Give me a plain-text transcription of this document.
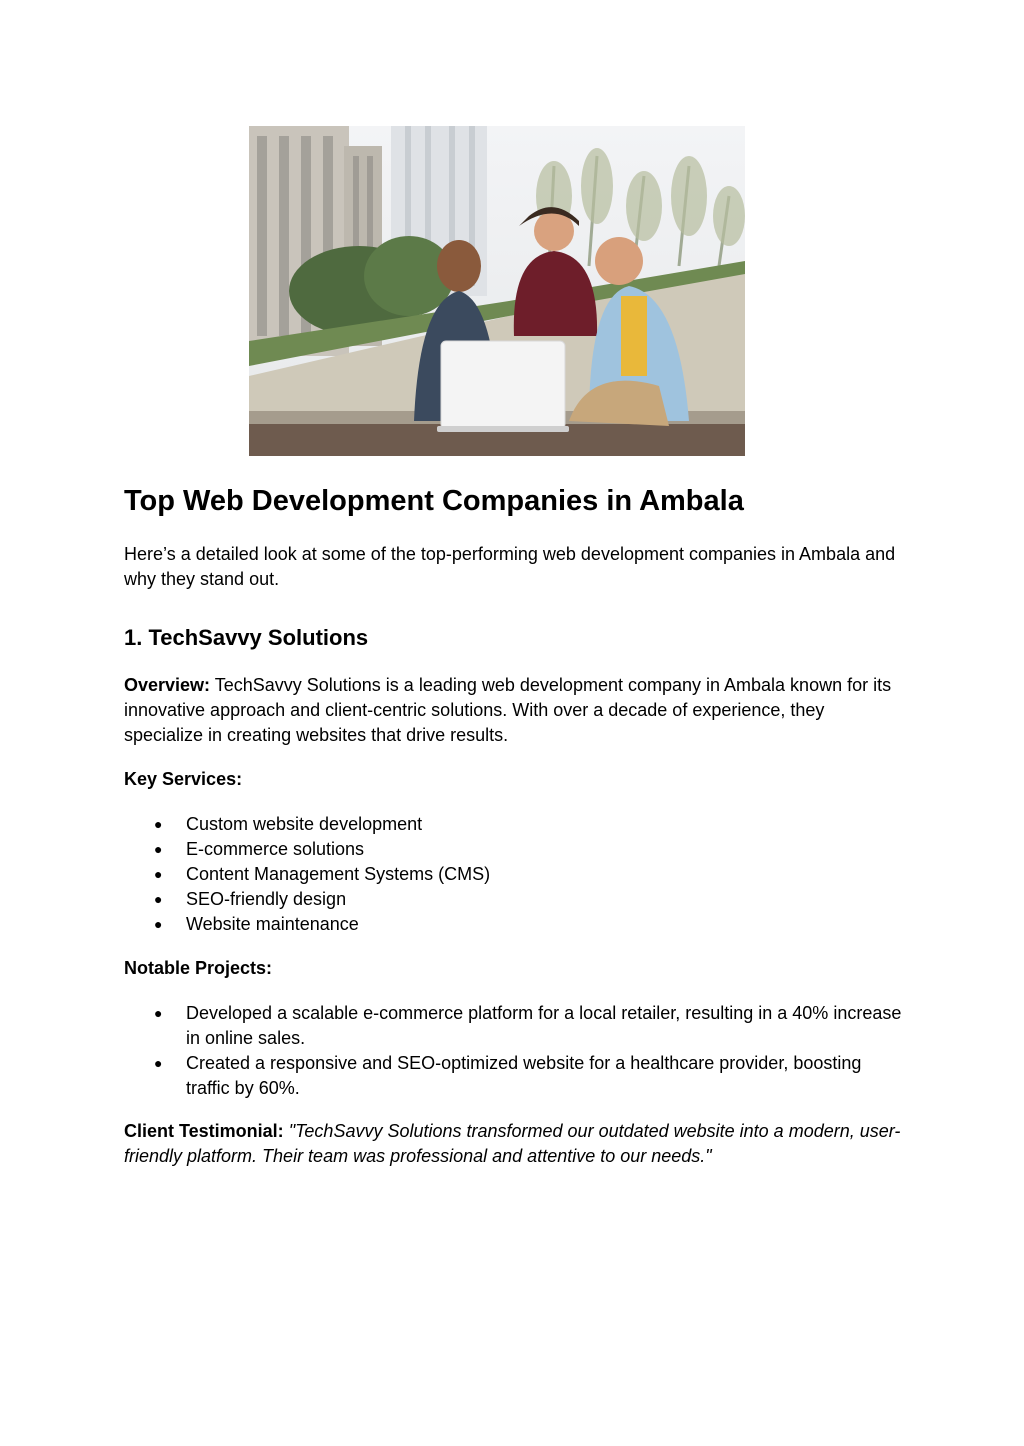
Top Web Development Companies in Ambala

Here’s a detailed look at some of the top-performing web development companies in Ambala and why they stand out.

1. TechSavvy Solutions

Overview: TechSavvy Solutions is a leading web development company in Ambala known for its innovative approach and client-centric solutions. With over a decade of experience, they specialize in creating websites that drive results.

Key Services:

● Custom website development
● E-commerce solutions
● Content Management Systems (CMS)
● SEO-friendly design
● Website maintenance

Notable Projects:

● Developed a scalable e-commerce platform for a local retailer, resulting in a 40% increase in online sales.
● Created a responsive and SEO-optimized website for a healthcare provider, boosting traffic by 60%.

Client Testimonial: "TechSavvy Solutions transformed our outdated website into a modern, user-friendly platform. Their team was professional and attentive to our needs."
